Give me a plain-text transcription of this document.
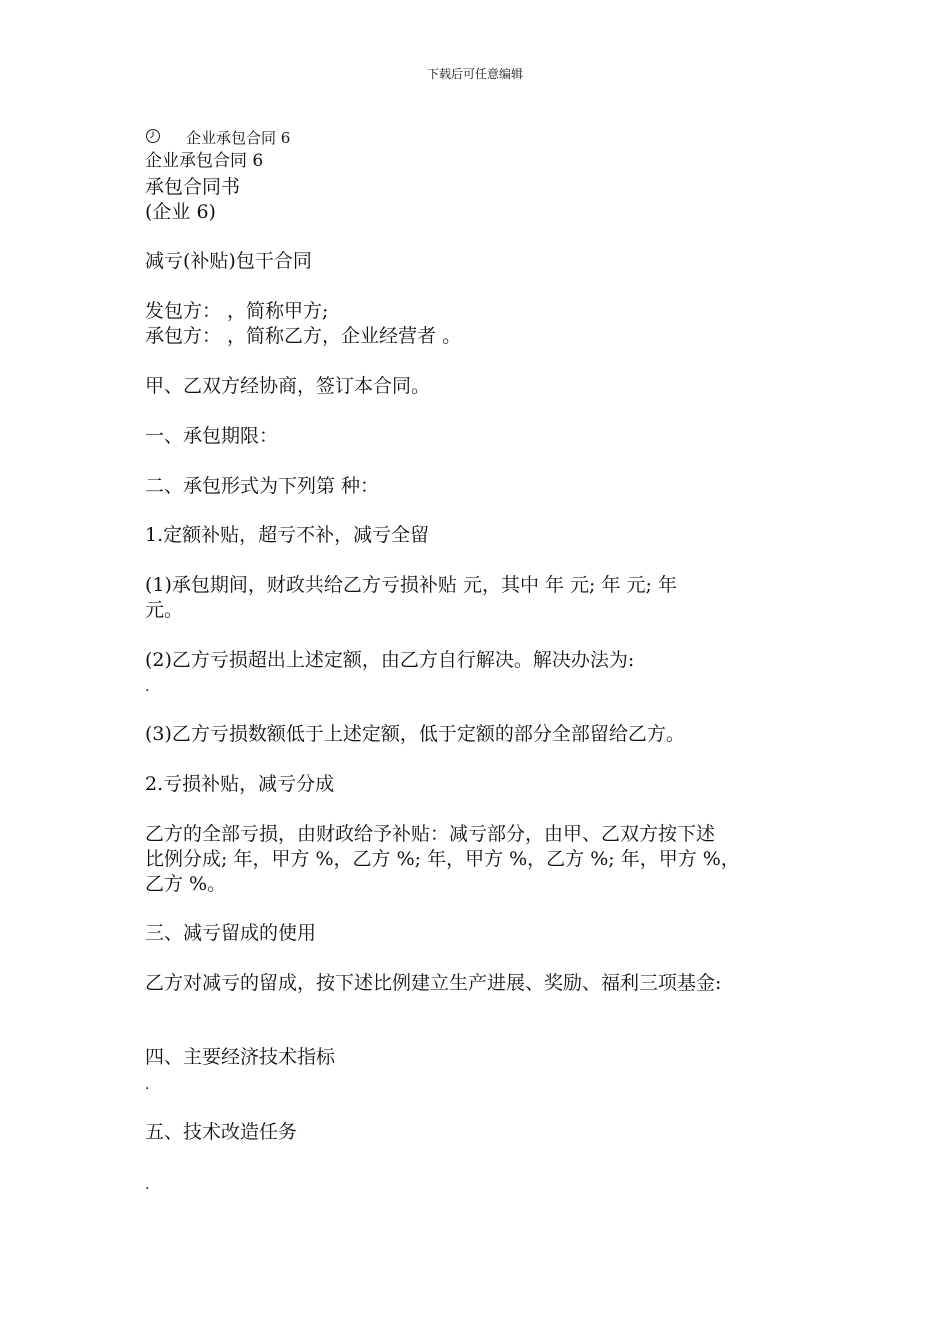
下载后可任意编辑
企业承包合同 6
企业承包合同 6
承包合同书
(企业 6)
减亏(补贴)包干合同
发包方： ，简称甲方;
承包方： ，简称乙方，企业经营者 。
甲、乙双方经协商，签订本合同。
一、承包期限：
二、承包形式为下列第 种：
1.定额补贴，超亏不补，减亏全留
(1)承包期间，财政共给乙方亏损补贴 元，其中 年 元; 年 元; 年
元。
(2)乙方亏损超出上述定额，由乙方自行解决。解决办法为:
.
(3)乙方亏损数额低于上述定额，低于定额的部分全部留给乙方。
2.亏损补贴，减亏分成
乙方的全部亏损，由财政给予补贴：减亏部分，由甲、乙双方按下述
比例分成; 年，甲方 %，乙方 %; 年，甲方 %，乙方 %; 年，甲方 %，
乙方 %。
三、减亏留成的使用
乙方对减亏的留成，按下述比例建立生产进展、奖励、福利三项基金:
四、主要经济技术指标
.
五、技术改造任务
.
